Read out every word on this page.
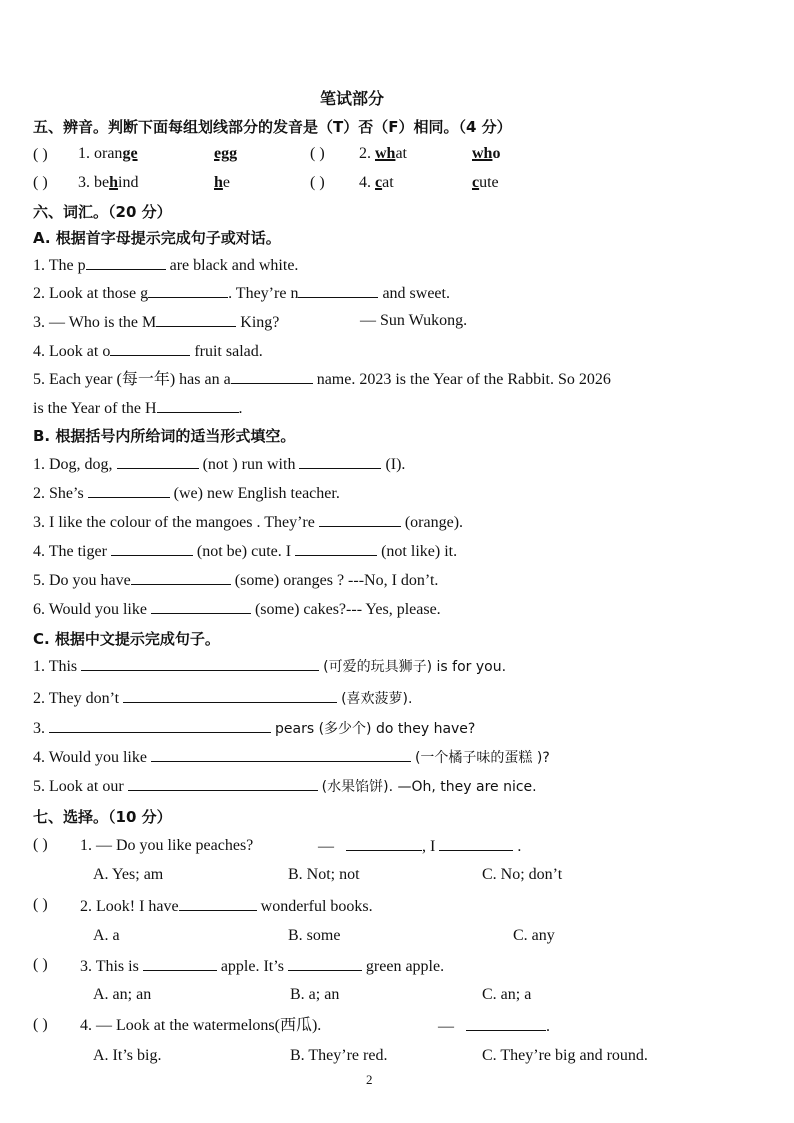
笔试部分
五、辨音。判断下面每组划线部分的发音是（T）否（F）相同。（4 分）
( ) 1. orange	egg	( ) 2. what	who
( ) 3. behind	he	( ) 4. cat	cute
六、词汇。（20 分）
A. 根据首字母提示完成句子或对话。
1. The p	are black and white.
2. Look at those g	. They’re n	and sweet.
3. — Who is the M	King?	— Sun Wukong.
4. Look at o	fruit salad.
5. Each year (每一年) has an a	name. 2023 is the Year of the Rabbit. So 2026
is the Year of the H	.
B. 根据括号内所给词的适当形式填空。
1. Dog, dog,	(not ) run with	(I).
2. She’s	(we) new English teacher.
3. I like the colour of the mangoes . They’re	(orange).
4. The tiger	(not be) cute. I	(not like) it.
5. Do you have	(some) oranges ? ---No, I don’t.
6. Would you like	(some) cakes?--- Yes, please.
C. 根据中文提示完成句子。
1. This	(可爱的玩具狮子) is for you.
2. They don’t	(喜欢菠萝).
3.	pears (多少个) do they have?
4. Would you like	(一个橘子味的蛋糕 )?
5. Look at our	(水果馅饼). —Oh, they are nice.
七、选择。（10 分）
( ) 1. — Do you like peaches?	—	, I	.
A. Yes; am	B. Not; not	C. No; don’t
( ) 2. Look! I have	wonderful books.
A. a	B. some	C. any
( ) 3. This is	apple. It’s	green apple.
A. an; an	B. a; an	C. an; a
( ) 4. — Look at the watermelons(西瓜).	—	.
A. It’s big.	B. They’re red.	C. They’re big and round.
2
